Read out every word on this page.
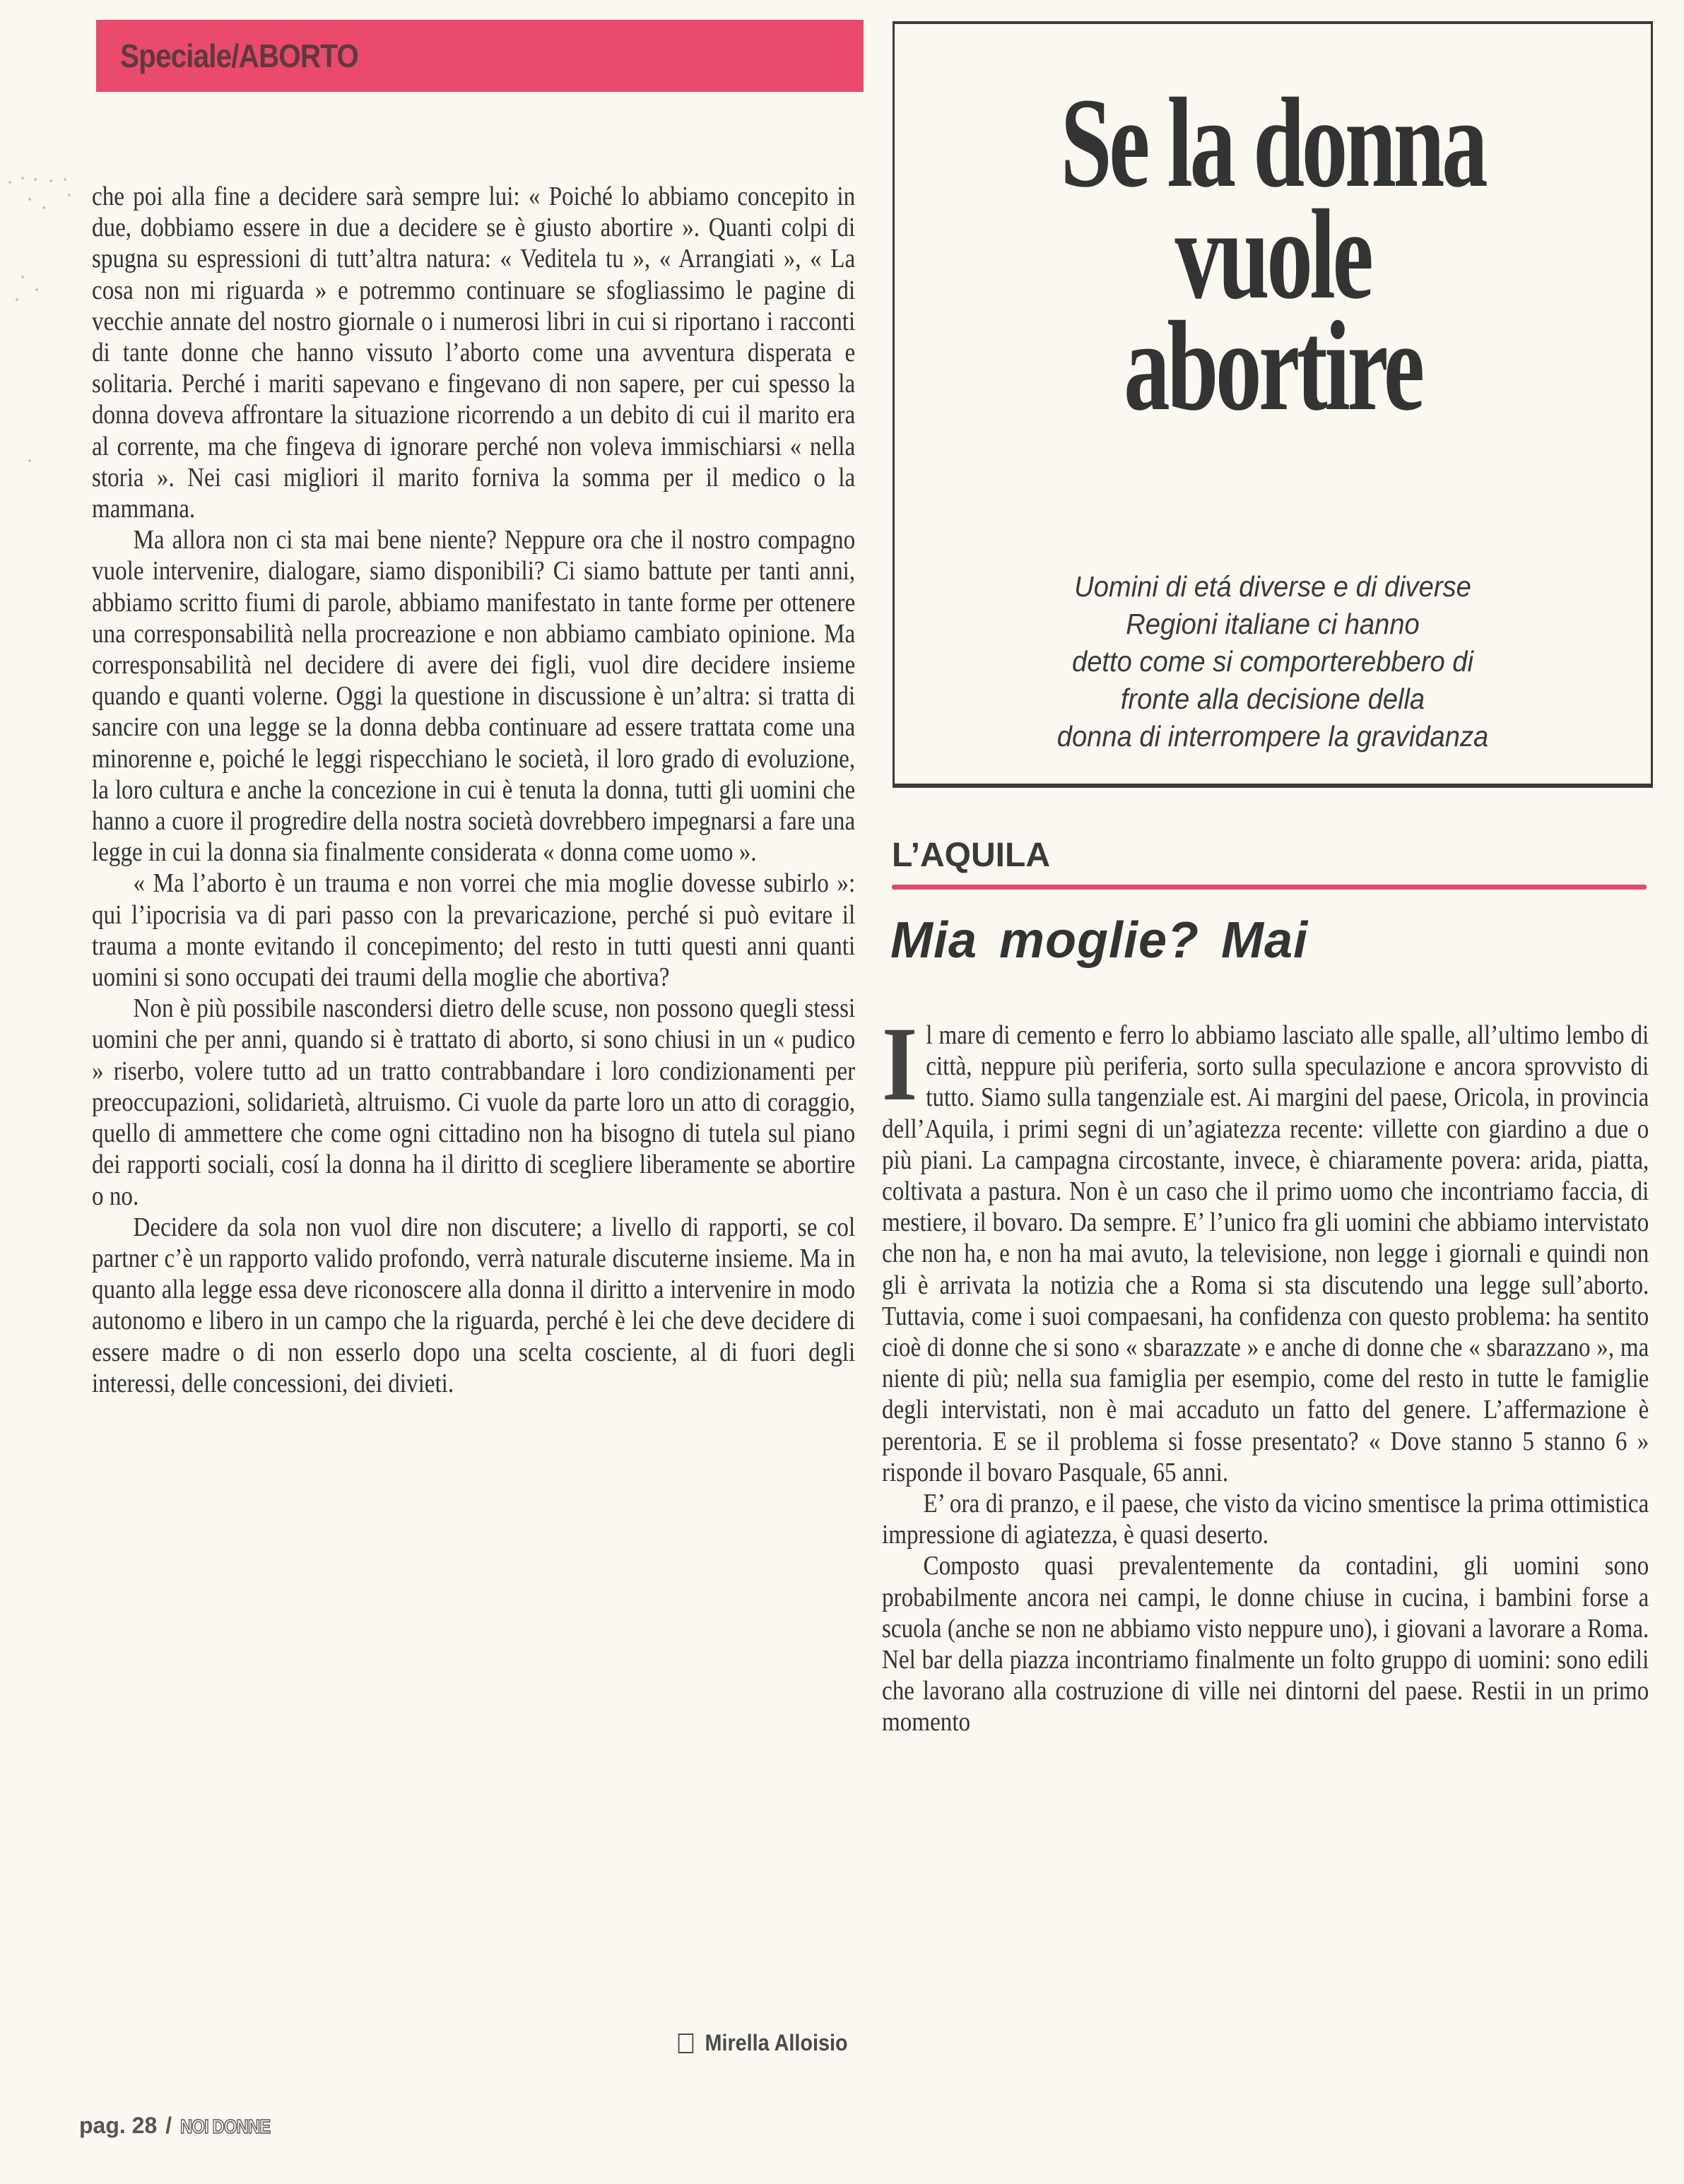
Speciale/ABORTO

che poi alla fine a decidere sarà sempre lui: « Poiché lo abbiamo concepito in due, dobbiamo essere in due a decidere se è giusto abortire ». Quanti colpi di spugna su espressioni di tutt’altra natura: « Veditela tu », « Arrangiati », « La cosa non mi riguarda » e potremmo continuare se sfogliassimo le pagine di vecchie annate del nostro giornale o i numerosi libri in cui si riportano i racconti di tante donne che hanno vissuto l’aborto come una avventura disperata e solitaria. Perché i mariti sapevano e fingevano di non sapere, per cui spesso la donna doveva affrontare la situazione ricorrendo a un debito di cui il marito era al corrente, ma che fingeva di ignorare perché non voleva immischiarsi « nella storia ». Nei casi migliori il marito forniva la somma per il medico o la mammana.

Ma allora non ci sta mai bene niente? Neppure ora che il nostro compagno vuole intervenire, dialogare, siamo disponibili? Ci siamo battute per tanti anni, abbiamo scritto fiumi di parole, abbiamo manifestato in tante forme per ottenere una corresponsabilità nella procreazione e non abbiamo cambiato opinione. Ma corresponsabilità nel decidere di avere dei figli, vuol dire decidere insieme quando e quanti volerne. Oggi la questione in discussione è un’altra: si tratta di sancire con una legge se la donna debba continuare ad essere trattata come una minorenne e, poiché le leggi rispecchiano le società, il loro grado di evoluzione, la loro cultura e anche la concezione in cui è tenuta la donna, tutti gli uomini che hanno a cuore il progredire della nostra società dovrebbero impegnarsi a fare una legge in cui la donna sia finalmente considerata « donna come uomo ».

« Ma l’aborto è un trauma e non vorrei che mia moglie dovesse subirlo »: qui l’ipocrisia va di pari passo con la prevaricazione, perché si può evitare il trauma a monte evitando il concepimento; del resto in tutti questi anni quanti uomini si sono occupati dei traumi della moglie che abortiva?

Non è più possibile nascondersi dietro delle scuse, non possono quegli stessi uomini che per anni, quando si è trattato di aborto, si sono chiusi in un « pudico » riserbo, volere tutto ad un tratto contrabbandare i loro condizionamenti per preoccupazioni, solidarietà, altruismo. Ci vuole da parte loro un atto di coraggio, quello di ammettere che come ogni cittadino non ha bisogno di tutela sul piano dei rapporti sociali, cosí la donna ha il diritto di scegliere liberamente se abortire o no.

Decidere da sola non vuol dire non discutere; a livello di rapporti, se col partner c’è un rapporto valido profondo, verrà naturale discuterne insieme. Ma in quanto alla legge essa deve riconoscere alla donna il diritto a intervenire in modo autonomo e libero in un campo che la riguarda, perché è lei che deve decidere di essere madre o di non esserlo dopo una scelta cosciente, al di fuori degli interessi, delle concessioni, dei divieti.

Mirella Alloisio
pag. 28 / NOI DONNE
Se la donna
vuole
abortire
Uomini di etá diverse e di diverse
Regioni italiane ci hanno
detto come si comporterebbero di
fronte alla decisione della
donna di interrompere la gravidanza
L’AQUILA
Mia moglie? Mai

Il mare di cemento e ferro lo abbiamo lasciato alle spalle, all’ultimo lembo di città, neppure più periferia, sorto sulla speculazione e ancora sprovvisto di tutto. Siamo sulla tangenziale est. Ai margini del paese, Oricola, in provincia dell’Aquila, i primi segni di un’agiatezza recente: villette con giardino a due o più piani. La campagna circostante, invece, è chiaramente povera: arida, piatta, coltivata a pastura. Non è un caso che il primo uomo che incontriamo faccia, di mestiere, il bovaro. Da sempre. E’ l’unico fra gli uomini che abbiamo intervistato che non ha, e non ha mai avuto, la televisione, non legge i giornali e quindi non gli è arrivata la notizia che a Roma si sta discutendo una legge sull’aborto. Tuttavia, come i suoi compaesani, ha confidenza con questo problema: ha sentito cioè di donne che si sono « sbarazzate » e anche di donne che « sbarazzano », ma niente di più; nella sua famiglia per esempio, come del resto in tutte le famiglie degli intervistati, non è mai accaduto un fatto del genere. L’affermazione è perentoria. E se il problema si fosse presentato? « Dove stanno 5 stanno 6 » risponde il bovaro Pasquale, 65 anni.

E’ ora di pranzo, e il paese, che visto da vicino smentisce la prima ottimistica impressione di agiatezza, è quasi deserto.

Composto quasi prevalentemente da contadini, gli uomini sono probabilmente ancora nei campi, le donne chiuse in cucina, i bambini forse a scuola (anche se non ne abbiamo visto neppure uno), i giovani a lavorare a Roma. Nel bar della piazza incontriamo finalmente un folto gruppo di uomini: sono edili che lavorano alla costruzione di ville nei dintorni del paese. Restii in un primo momento
